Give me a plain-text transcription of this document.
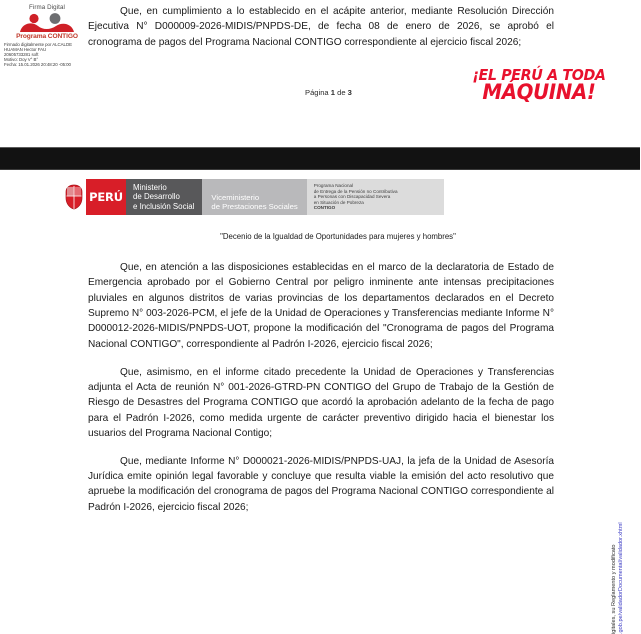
Firma Digital
Programa CONTIGO
Firmado digitalmente por ALCALDE
HUAMAN Hector FAU
20605733281 soft
Motivo: Doy V° B°
Fecha: 15.01.2026 20:48:20 -05:00
Que, en cumplimiento a lo establecido en el acápite anterior, mediante Resolución Dirección Ejecutiva N° D000009-2026-MIDIS/PNPDS-DE, de fecha 08 de enero de 2026, se aprobó el cronograma de pagos del Programa Nacional CONTIGO correspondiente al ejercicio fiscal 2026;
Página 1 de 3
¡EL PERÚ A TODA
MÁQUINA!
PERÚ
Ministerio
de Desarrollo
e Inclusión Social
Viceministerio
de Prestaciones Sociales
Programa Nacional
de Entrega de la Pensión no Contributiva
a Personas con Discapacidad Severa
en Situación de Pobreza
CONTIGO
"Decenio de la Igualdad de Oportunidades para mujeres y hombres"
Que, en atención a las disposiciones establecidas en el marco de la declaratoria de Estado de Emergencia aprobado por el Gobierno Central por peligro inminente ante intensas precipitaciones pluviales en algunos distritos de varias provincias de los departamentos declarados en el Decreto Supremo N° 003-2026-PCM, el jefe de la Unidad de Operaciones y Transferencias mediante Informe N° D000012-2026-MIDIS/PNPDS-UOT, propone la modificación del "Cronograma de pagos del Programa Nacional CONTIGO", correspondiente al Padrón I-2026, ejercicio fiscal 2026;
Que, asimismo, en el informe citado precedente la Unidad de Operaciones y Transferencias adjunta el Acta de reunión N° 001-2026-GTRD-PN CONTIGO del Grupo de Trabajo de la Gestión de Riesgo de Desastres del Programa CONTIGO que acordó la aprobación adelanto de la fecha de pago para el Padrón I-2026, como medida urgente de carácter preventivo dirigido hacia el bienestar los usuarios del Programa Nacional Contigo;
Que, mediante Informe N° D000021-2026-MIDIS/PNPDS-UAJ, la jefa de la Unidad de Asesoría Jurídica emite opinión legal favorable y concluye que resulta viable la emisión del acto resolutivo que apruebe la modificación del cronograma de pagos del Programa Nacional CONTIGO correspondiente al Padrón I-2026, ejercicio fiscal 2026;
igitales, su Reglamento y modificato .gob.pe/validadorDocumental/validador.xhtml
